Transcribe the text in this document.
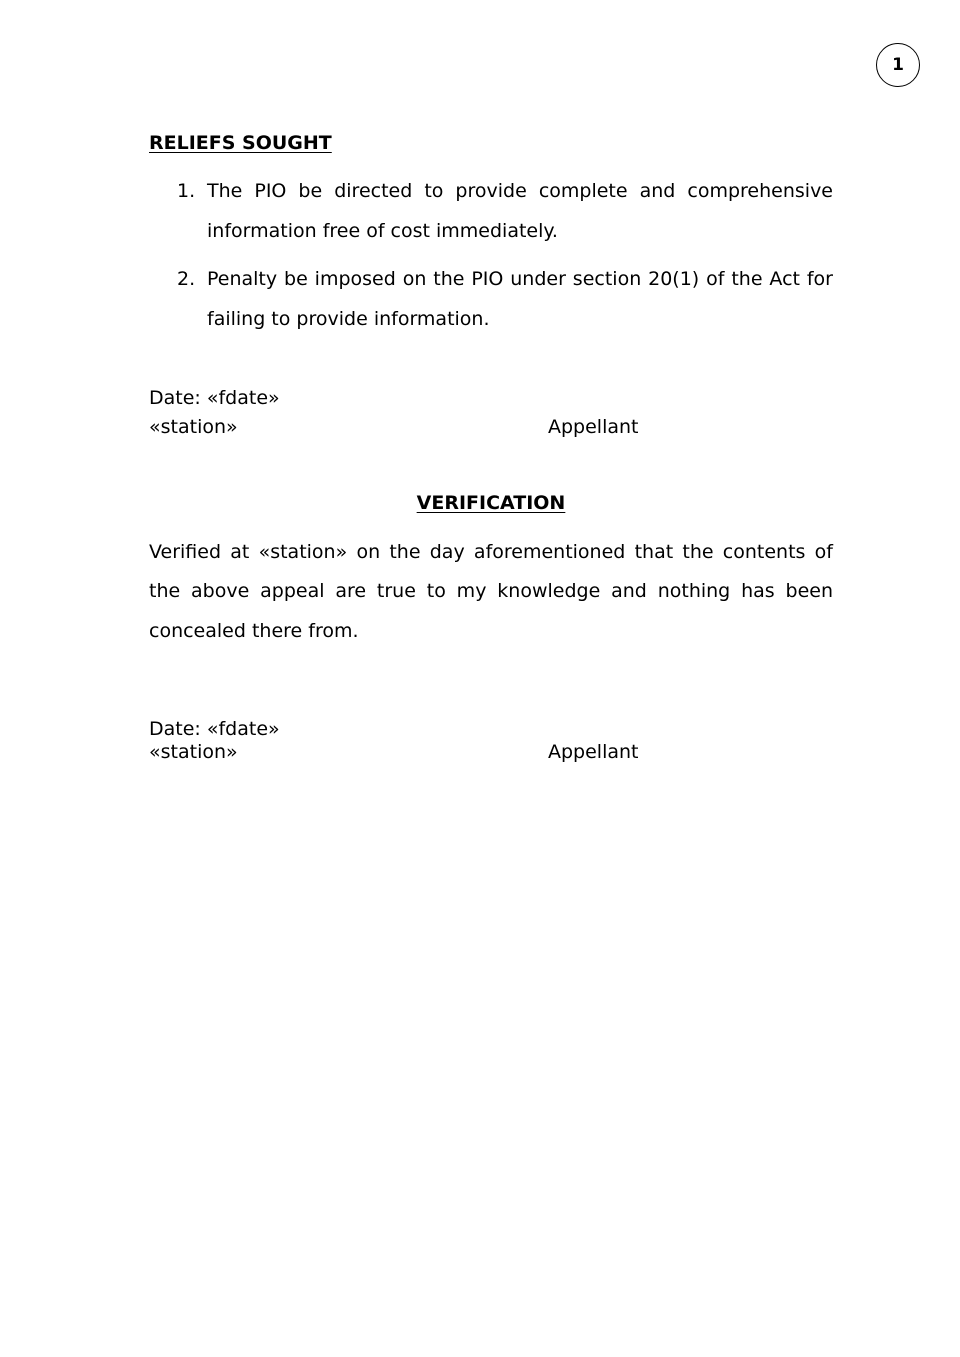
1
RELIEFS SOUGHT
1. The PIO be directed to provide complete and comprehensive information free of cost immediately.
2. Penalty be imposed on the PIO under section 20(1) of the Act for failing to provide information.
Date: «fdate»
«station»	Appellant
VERIFICATION

Verified at «station» on the day aforementioned that the contents of the above appeal are true to my knowledge and nothing has been concealed there from.

Date: «fdate»
«station»	Appellant
